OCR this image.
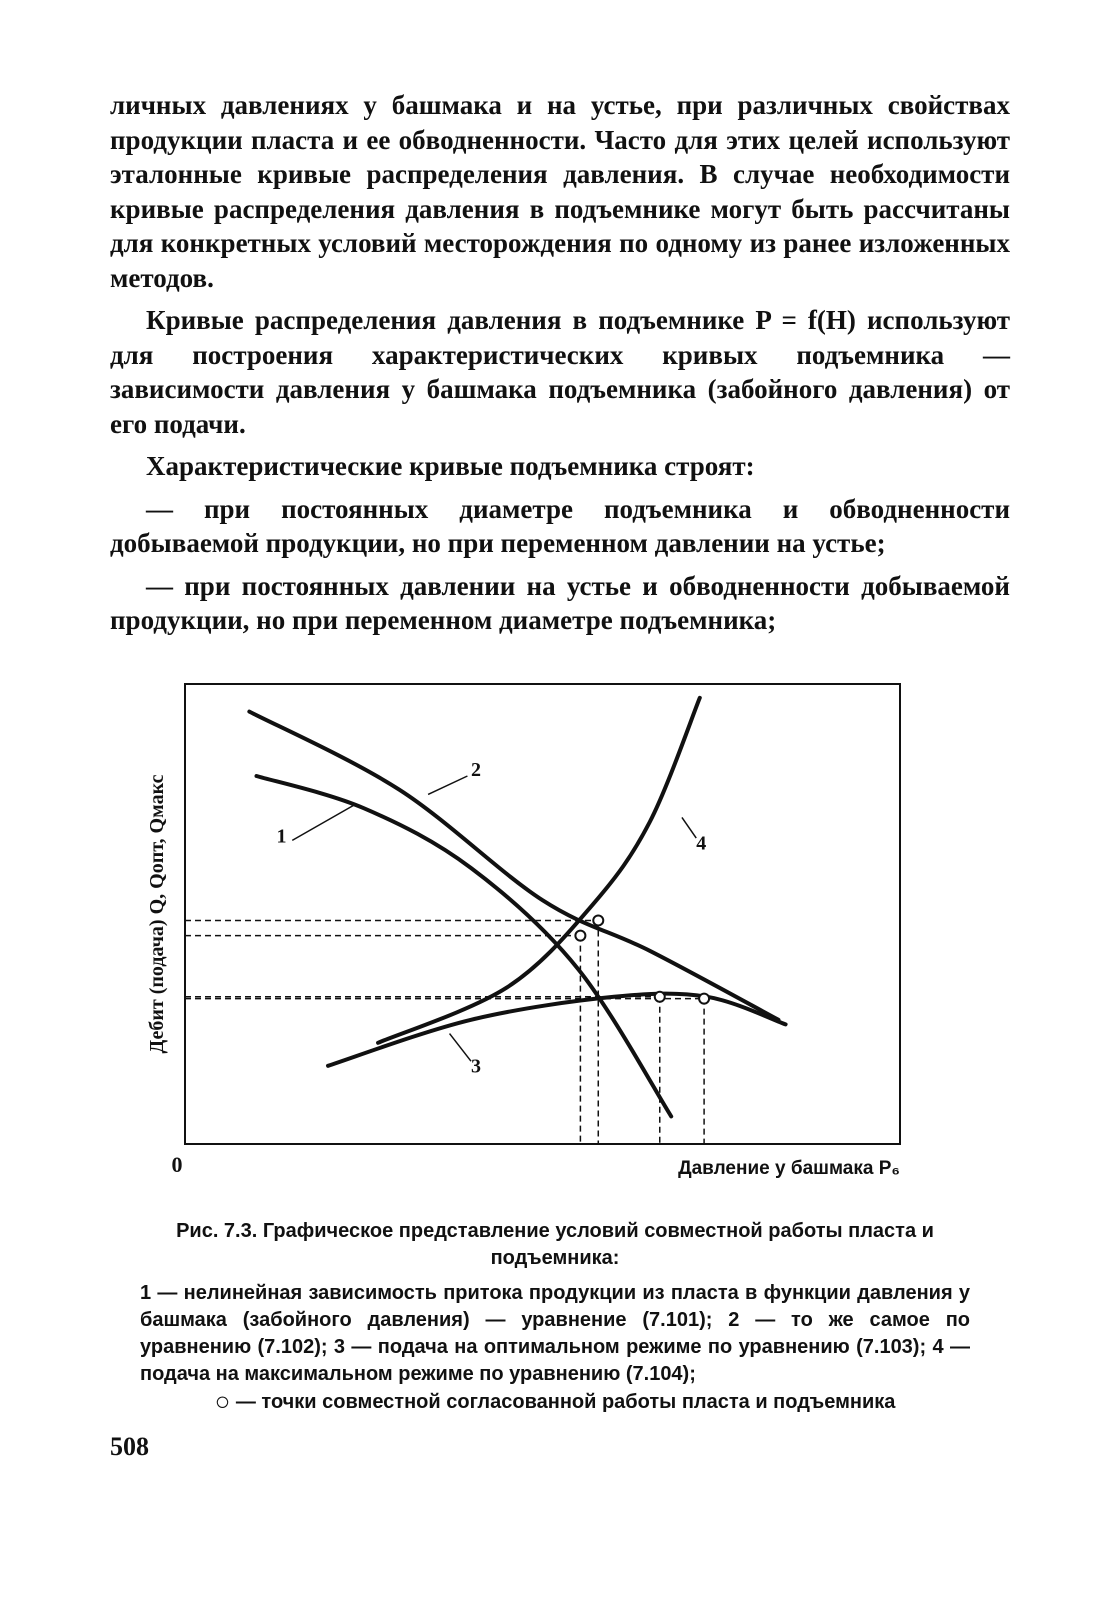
личных давлениях у башмака и на устье, при различных свойствах продукции пласта и ее обводненности. Часто для этих целей используют эталонные кривые распределения давления. В случае необходимости кривые распределения давления в подъемнике могут быть рассчитаны для конкретных условий месторождения по одному из ранее изложенных методов.

Кривые распределения давления в подъемнике P = f(H) используют для построения характеристических кривых подъемника — зависимости давления у башмака подъемника (забойного давления) от его подачи.

Характеристические кривые подъемника строят:

— при постоянных диаметре подъемника и обводненности добываемой продукции, но при переменном давлении на устье;

— при постоянных давлении на устье и обводненности добываемой продукции, но при переменном диаметре подъемника;

1
2
3
4
0	Давление у башмака P₆
Дебит (подача) Q, Qопт, Qмакс

Рис. 7.3. Графическое представление условий совместной работы пласта и подъемника:

1 — нелинейная зависимость притока продукции из пласта в функции давления у башмака (забойного давления) — уравнение (7.101); 2 — то же самое по уравнению (7.102); 3 — подача на оптимальном режиме по уравнению (7.103); 4 — подача на максимальном режиме по уравнению (7.104);

○ — точки совместной согласованной работы пласта и подъемника

508
